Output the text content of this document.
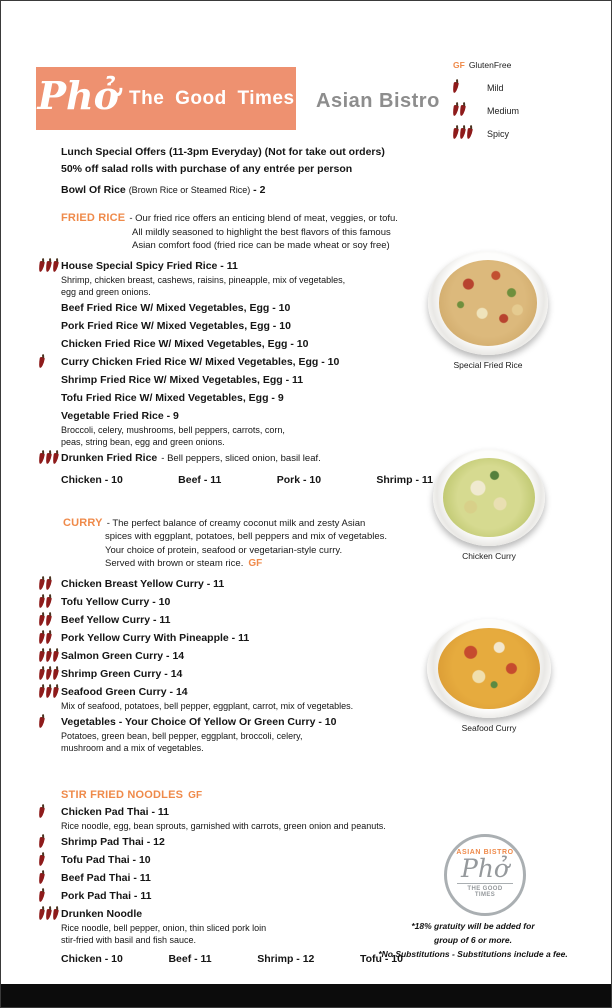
GF GlutenFree
Mild
Medium
Spicy
Phở The Good Times Asian Bistro
Lunch Special Offers (11-3pm Everyday) (Not for take out orders)
50% off salad rolls with purchase of any entrée per person
Bowl Of Rice (Brown Rice or Steamed Rice) - 2
FRIED RICE - Our fried rice offers an enticing blend of meat, veggies, or tofu.
All mildly seasoned to highlight the best flavors of this famous
Asian comfort food (fried rice can be made wheat or soy free)
House Special Spicy Fried Rice - 11
Shrimp, chicken breast, cashews, raisins, pineapple, mix of vegetables,
egg and green onions.
Beef Fried Rice W/ Mixed Vegetables, Egg - 10
Pork Fried Rice W/ Mixed Vegetables, Egg - 10
Chicken Fried Rice W/ Mixed Vegetables, Egg - 10
Curry Chicken Fried Rice W/ Mixed Vegetables, Egg - 10
Shrimp Fried Rice W/ Mixed Vegetables, Egg - 11
Tofu Fried Rice W/ Mixed Vegetables, Egg - 9
Vegetable Fried Rice - 9
Broccoli, celery, mushrooms, bell peppers, carrots, corn,
peas, string bean, egg and green onions.
Drunken Fried Rice - Bell peppers, sliced onion, basil leaf.
Chicken - 10	Beef - 11	Pork - 10	Shrimp - 11
CURRY - The perfect balance of creamy coconut milk and zesty Asian
spices with eggplant, potatoes, bell peppers and mix of vegetables.
Your choice of protein, seafood or vegetarian-style curry.
Served with brown or steam rice. GF
Chicken Breast Yellow Curry - 11
Tofu Yellow Curry - 10
Beef Yellow Curry - 11
Pork Yellow Curry With Pineapple - 11
Salmon Green Curry - 14
Shrimp Green Curry - 14
Seafood Green Curry - 14
Mix of seafood, potatoes, bell pepper, eggplant, carrot, mix of vegetables.
Vegetables - Your Choice Of Yellow Or Green Curry - 10
Potatoes, green bean, bell pepper, eggplant, broccoli, celery,
mushroom and a mix of vegetables.
STIR FRIED NOODLES GF
Chicken Pad Thai - 11
Rice noodle, egg, bean sprouts, garnished with carrots, green onion and peanuts.
Shrimp Pad Thai - 12
Tofu Pad Thai - 10
Beef Pad Thai - 11
Pork Pad Thai - 11
Drunken Noodle
Rice noodle, bell pepper, onion, thin sliced pork loin
stir-fried with basil and fish sauce.
Chicken - 10	Beef - 11	Shrimp - 12	Tofu - 10
Special Fried Rice
Chicken Curry
Seafood Curry
ASIAN BISTRO
Phở
THE GOOD TIMES
*18% gratuity will be added for
group of 6 or more.
*No Substitutions - Substitutions include a fee.
